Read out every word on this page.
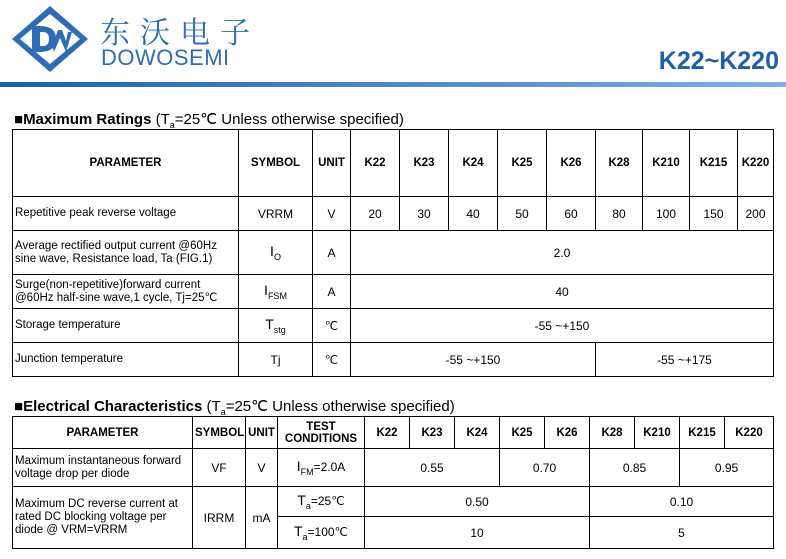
东沃电子
DOWOSEMI	K22~K220
■Maximum Ratings ($T_a=25℃$ Unless otherwise specified)
PARAMETER	SYMBOL	UNIT	K22	K23	K24	K25	K26	K28	K210	K215	K220
Repetitive peak reverse voltage	VRRM	V	20	30	40	50	60	80	100	150	200
Average rectified output current @60Hz sine wave, Resistance load, Ta (FIG.1)	$I_O$	A	2.0								
Surge(non-repetitive)forward current @60Hz half-sine wave,1 cycle, Tj=25℃	$I_{FSM}$	A	40								
Storage temperature	$T_{stg}$	℃	-55 ~+150								
Junction temperature	Tj	℃	-55 ~+150					-55 ~+175			
■Electrical Characteristics ($T_a=25℃$ Unless otherwise specified)
PARAMETER	SYMBOL	UNIT	TEST CONDITIONS	K22	K23	K24	K25	K26	K28	K210	K215	K220
Maximum instantaneous forward voltage drop per diode	VF	V	$I_{FM}=2.0A$	0.55			0.70		0.85		0.95	
Maximum DC reverse current at rated DC blocking voltage per diode @ VRM=VRRM	IRRM	mA	$T_a=25℃$	0.50					0.10			
			$T_a=100℃$	10					5			
